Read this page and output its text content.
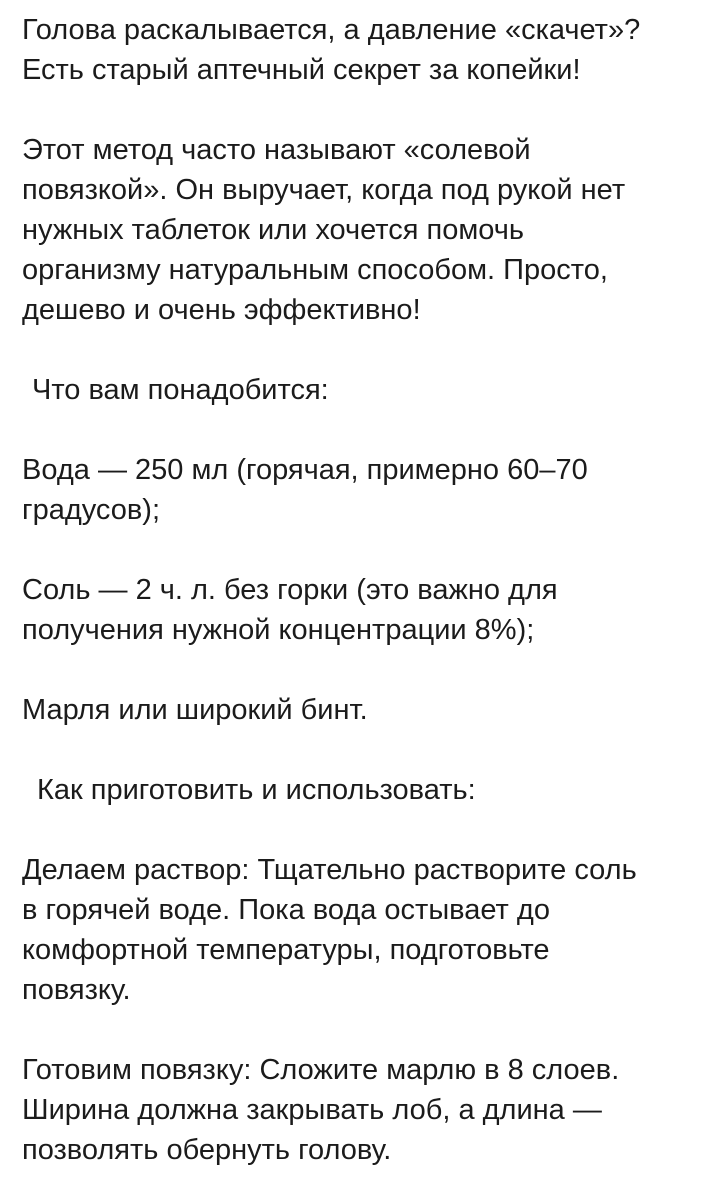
Голова раскалывается, а давление «скачет»?
Есть старый аптечный секрет за копейки!

Этот метод часто называют «солевой
повязкой». Он выручает, когда под рукой нет
нужных таблеток или хочется помочь
организму натуральным способом. Просто,
дешево и очень эффективно!

Что вам понадобится:

Вода — 250 мл (горячая, примерно 60–70
градусов);

Соль — 2 ч. л. без горки (это важно для
получения нужной концентрации 8%);

Марля или широкий бинт.

Как приготовить и использовать:

Делаем раствор: Тщательно растворите соль
в горячей воде. Пока вода остывает до
комфортной температуры, подготовьте
повязку.

Готовим повязку: Сложите марлю в 8 слоев.
Ширина должна закрывать лоб, а длина —
позволять обернуть голову.
